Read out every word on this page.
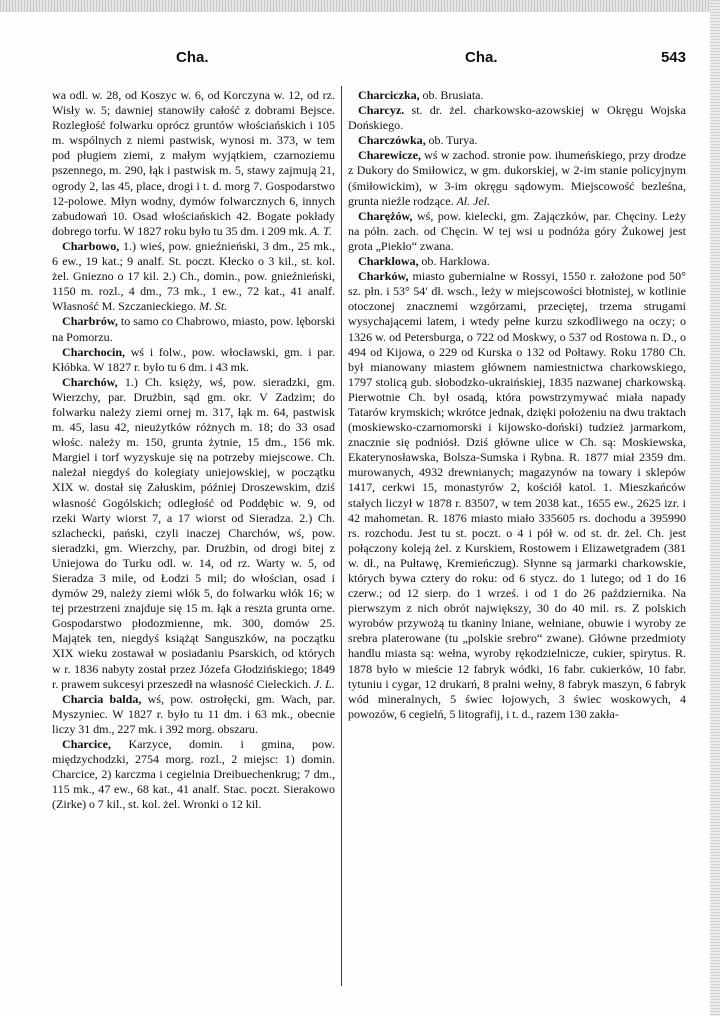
Cha.	Cha.	543

wa odl. w. 28, od Koszyc w. 6, od Korczyna w. 12, od rz. Wisły w. 5; dawniej stanowiły całość z dobrami Bejsce. Rozległość folwarku oprócz gruntów włościańskich i 105 m. wspólnych z niemi pastwisk, wynosi m. 373, w tem pod pługiem ziemi, z małym wyjątkiem, czarnoziemu pszennego, m. 290, łąk i pastwisk m. 5, stawy zajmują 21, ogrody 2, las 45, place, drogi i t. d. morg 7. Gospodarstwo 12-polowe. Młyn wodny, dymów folwarcznych 6, innych zabudowań 10. Osad włościańskich 42. Bogate pokłady dobrego torfu. W 1827 roku było tu 35 dm. i 209 mk. A. T.

Charbowo, 1.) wieś, pow. gnieźnieński, 3 dm., 25 mk., 6 ew., 19 kat.; 9 analf. St. poczt. Kłecko o 3 kil., st. kol. żel. Gniezno o 17 kil. 2.) Ch., domin., pow. gnieźnieński, 1150 m. rozl., 4 dm., 73 mk., 1 ew., 72 kat., 41 analf. Własność M. Szczanieckiego. M. St.

Charbrów, to samo co Chabrowo, miasto, pow. lęborski na Pomorzu.

Charchocin, wś i folw., pow. włocławski, gm. i par. Kłóbka. W 1827 r. było tu 6 dm. i 43 mk.

Charchów, 1.) Ch. księży, wś, pow. sieradzki, gm. Wierzchy, par. Drużbin, sąd gm. okr. V Zadzim; do folwarku należy ziemi ornej m. 317, łąk m. 64, pastwisk m. 45, lasu 42, nieużytków różnych m. 18; do 33 osad włośc. należy m. 150, grunta żytnie, 15 dm., 156 mk. Margiel i torf wyzyskuje się na potrzeby miejscowe. Ch. należał niegdyś do kolegiaty uniejowskiej, w początku XIX w. dostał się Załuskim, później Droszewskim, dziś własność Gogólskich; odległość od Poddębic w. 9, od rzeki Warty wiorst 7, a 17 wiorst od Sieradza. 2.) Ch. szlachecki, pański, czyli inaczej Charchów, wś, pow. sieradzki, gm. Wierzchy, par. Drużbin, od drogi bitej z Uniejowa do Turku odl. w. 14, od rz. Warty w. 5, od Sieradza 3 mile, od Łodzi 5 mil; do włościan, osad i dymów 29, należy ziemi włók 5, do folwarku włók 16; w tej przestrzeni znajduje się 15 m. łąk a reszta grunta orne. Gospodarstwo płodozmienne, mk. 300, domów 25. Majątek ten, niegdyś książąt Sanguszków, na początku XIX wieku zostawał w posiadaniu Psarskich, od których w r. 1836 nabyty został przez Józefa Głodzińskiego; 1849 r. prawem sukcesyi przeszedł na własność Cieleckich. J. L.

Charcia balda, wś, pow. ostrołęcki, gm. Wach, par. Myszyniec. W 1827 r. było tu 11 dm. i 63 mk., obecnie liczy 31 dm., 227 mk. i 392 morg. obszaru.

Charcice, Karzyce, domin. i gmina, pow. międzychodzki, 2754 morg. rozl., 2 miejsc: 1) domin. Charcice, 2) karczma i cegielnia Dreibuechenkrug; 7 dm., 115 mk., 47 ew., 68 kat., 41 analf. Stac. poczt. Sierakowo (Zirke) o 7 kil., st. kol. żel. Wronki o 12 kil.

Charciczka, ob. Brusiata.

Charcyz. st. dr. żel. charkowsko-azowskiej w Okręgu Wojska Dońskiego.

Charczówka, ob. Turya.

Charewicze, wś w zachod. stronie pow. ihumeńskiego, przy drodze z Dukory do Smiłowicz, w gm. dukorskiej, w 2-im stanie policyjnym (śmiłowickim), w 3-im okręgu sądowym. Miejscowość bezleśna, grunta nieźle rodzące. Al. Jel.

Charężów, wś, pow. kielecki, gm. Zajączków, par. Chęciny. Leży na półn. zach. od Chęcin. W tej wsi u podnóża góry Żukowej jest grota „Piekło“ zwana.

Charklowa, ob. Harklowa.

Charków, miasto gubernialne w Rossyi, 1550 r. założone pod 50° sz. płn. i 53° 54′ dł. wsch., leży w miejscowości błotnistej, w kotlinie otoczonej znacznemi wzgórzami, przeciętej, trzema strugami wysychającemi latem, i wtedy pełne kurzu szkodliwego na oczy; o 1326 w. od Petersburga, o 722 od Moskwy, o 537 od Rostowa n. D., o 494 od Kijowa, o 229 od Kurska o 132 od Połtawy. Roku 1780 Ch. był mianowany miastem głównem namiestnictwa charkowskiego, 1797 stolicą gub. słobodzko-ukraińskiej, 1835 nazwanej charkowską. Pierwotnie Ch. był osadą, która powstrzymywać miała napady Tatarów krymskich; wkrótce jednak, dzięki położeniu na dwu traktach (moskiewsko-czarnomorski i kijowsko-doński) tudzież jarmarkom, znacznie się podniósł. Dziś główne ulice w Ch. są: Moskiewska, Ekaterynosławska, Bolsza-Sumska i Rybna. R. 1877 miał 2359 dm. murowanych, 4932 drewnianych; magazynów na towary i sklepów 1417, cerkwi 15, monastyrów 2, kościół katol. 1. Mieszkańców stałych liczył w 1878 r. 83507, w tem 2038 kat., 1655 ew., 2625 izr. i 42 mahometan. R. 1876 miasto miało 335605 rs. dochodu a 395990 rs. rozchodu. Jest tu st. poczt. o 4 i pół w. od st. dr. żel. Ch. jest połączony koleją żel. z Kurskiem, Rostowem i Elizawetgradem (381 w. dł., na Pułtawę, Kremieńczug). Słynne są jarmarki charkowskie, których bywa cztery do roku: od 6 stycz. do 1 lutego; od 1 do 16 czerw.; od 12 sierp. do 1 wrześ. i od 1 do 26 październikа. Na pierwszym z nich obrót największy, 30 do 40 mil. rs. Z polskich wyrobów przywożą tu tkaniny lniane, wełniane, obuwie i wyroby ze srebra platerowane (tu „polskie srebro“ zwane). Główne przedmioty handlu miasta są: wełna, wyroby rękodzielnicze, cukier, spirytus. R. 1878 było w mieście 12 fabryk wódki, 16 fabr. cukierków, 10 fabr. tytuniu i cygar, 12 drukarń, 8 pralni wełny, 8 fabryk maszyn, 6 fabryk wód mineralnych, 5 świec łojowych, 3 świec woskowych, 4 powozów, 6 cegielń, 5 litografij, i t. d., razem 130 zakła-
